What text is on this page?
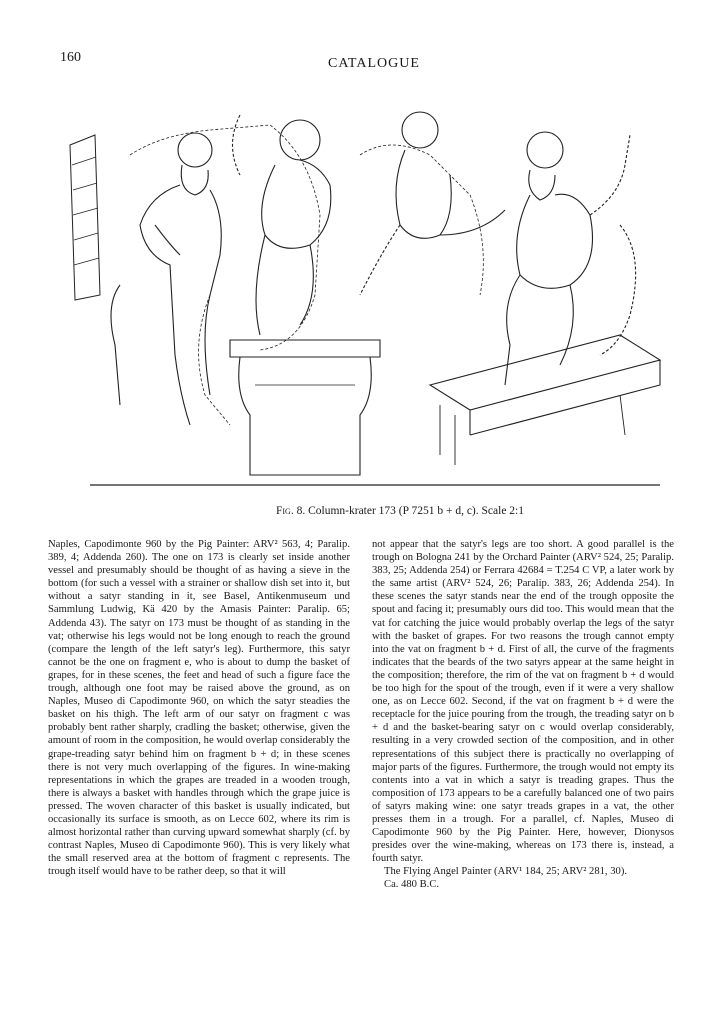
160	CATALOGUE
Fig. 8. Column-krater 173 (P 7251 b + d, c). Scale 2:1

Naples, Capodimonte 960 by the Pig Painter: ARV² 563, 4; Paralip. 389, 4; Addenda 260). The one on 173 is clearly set inside another vessel and presumably should be thought of as having a sieve in the bottom (for such a vessel with a strainer or shallow dish set into it, but without a satyr standing in it, see Basel, Antikenmuseum und Sammlung Ludwig, Kä 420 by the Amasis Painter: Paralip. 65; Addenda 43). The satyr on 173 must be thought of as standing in the vat; otherwise his legs would not be long enough to reach the ground (compare the length of the left satyr's leg). Furthermore, this satyr cannot be the one on fragment e, who is about to dump the basket of grapes, for in these scenes, the feet and head of such a figure face the trough, although one foot may be raised above the ground, as on Naples, Museo di Capodimonte 960, on which the satyr steadies the basket on his thigh. The left arm of our satyr on fragment c was probably bent rather sharply, cradling the basket; otherwise, given the amount of room in the composition, he would overlap considerably the grape-treading satyr behind him on fragment b + d; in these scenes there is not very much overlapping of the figures. In wine-making representations in which the grapes are treaded in a wooden trough, there is always a basket with handles through which the grape juice is pressed. The woven character of this basket is usually indicated, but occasionally its surface is smooth, as on Lecce 602, where its rim is almost horizontal rather than curving upward somewhat sharply (cf. by contrast Naples, Museo di Capodimonte 960). This is very likely what the small reserved area at the bottom of fragment c represents. The trough itself would have to be rather deep, so that it will

not appear that the satyr's legs are too short. A good parallel is the trough on Bologna 241 by the Orchard Painter (ARV² 524, 25; Paralip. 383, 25; Addenda 254) or Ferrara 42684 = T.254 C VP, a later work by the same artist (ARV² 524, 26; Paralip. 383, 26; Addenda 254). In these scenes the satyr stands near the end of the trough opposite the spout and facing it; presumably ours did too. This would mean that the vat for catching the juice would probably overlap the legs of the satyr with the basket of grapes. For two reasons the trough cannot empty into the vat on fragment b + d. First of all, the curve of the fragments indicates that the beards of the two satyrs appear at the same height in the composition; therefore, the rim of the vat on fragment b + d would be too high for the spout of the trough, even if it were a very shallow one, as on Lecce 602. Second, if the vat on fragment b + d were the receptacle for the juice pouring from the trough, the treading satyr on b + d and the basket-bearing satyr on c would overlap considerably, resulting in a very crowded section of the composition, and in other representations of this subject there is practically no overlapping of major parts of the figures. Furthermore, the trough would not empty its contents into a vat in which a satyr is treading grapes. Thus the composition of 173 appears to be a carefully balanced one of two pairs of satyrs making wine: one satyr treads grapes in a vat, the other presses them in a trough. For a parallel, cf. Naples, Museo di Capodimonte 960 by the Pig Painter. Here, however, Dionysos presides over the wine-making, whereas on 173 there is, instead, a fourth satyr.

The Flying Angel Painter (ARV¹ 184, 25; ARV² 281, 30).

Ca. 480 B.C.
